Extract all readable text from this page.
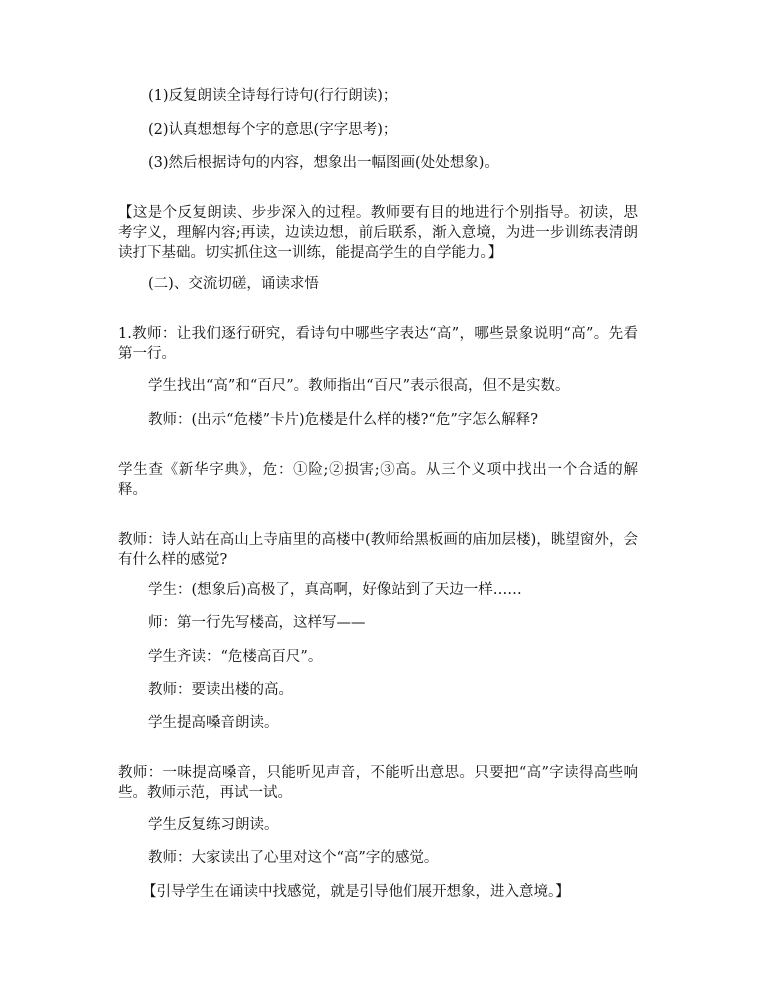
(1)反复朗读全诗每行诗句(行行朗读)；
(2)认真想想每个字的意思(字字思考)；
(3)然后根据诗句的内容，想象出一幅图画(处处想象)。
【这是个反复朗读、步步深入的过程。教师要有目的地进行个别指导。初读，思考字义，理解内容;再读，边读边想，前后联系，渐入意境，为进一步训练表清朗读打下基础。切实抓住这一训练，能提高学生的自学能力。】
(二)、交流切磋，诵读求悟
1.教师：让我们逐行研究，看诗句中哪些字表达“高”，哪些景象说明“高”。先看第一行。
学生找出“高”和“百尺”。教师指出“百尺”表示很高，但不是实数。
教师：(出示“危楼”卡片)危楼是什么样的楼?“危”字怎么解释?
学生查《新华字典》，危：①险;②损害;③高。从三个义项中找出一个合适的解释。
教师：诗人站在高山上寺庙里的高楼中(教师给黑板画的庙加层楼)，眺望窗外，会有什么样的感觉?
学生：(想象后)高极了，真高啊，好像站到了天边一样……
师：第一行先写楼高，这样写——
学生齐读：“危楼高百尺”。
教师：要读出楼的高。
学生提高嗓音朗读。
教师：一味提高嗓音，只能听见声音，不能听出意思。只要把“高”字读得高些响些。教师示范，再试一试。
学生反复练习朗读。
教师：大家读出了心里对这个“高”字的感觉。
【引导学生在诵读中找感觉，就是引导他们展开想象，进入意境。】
